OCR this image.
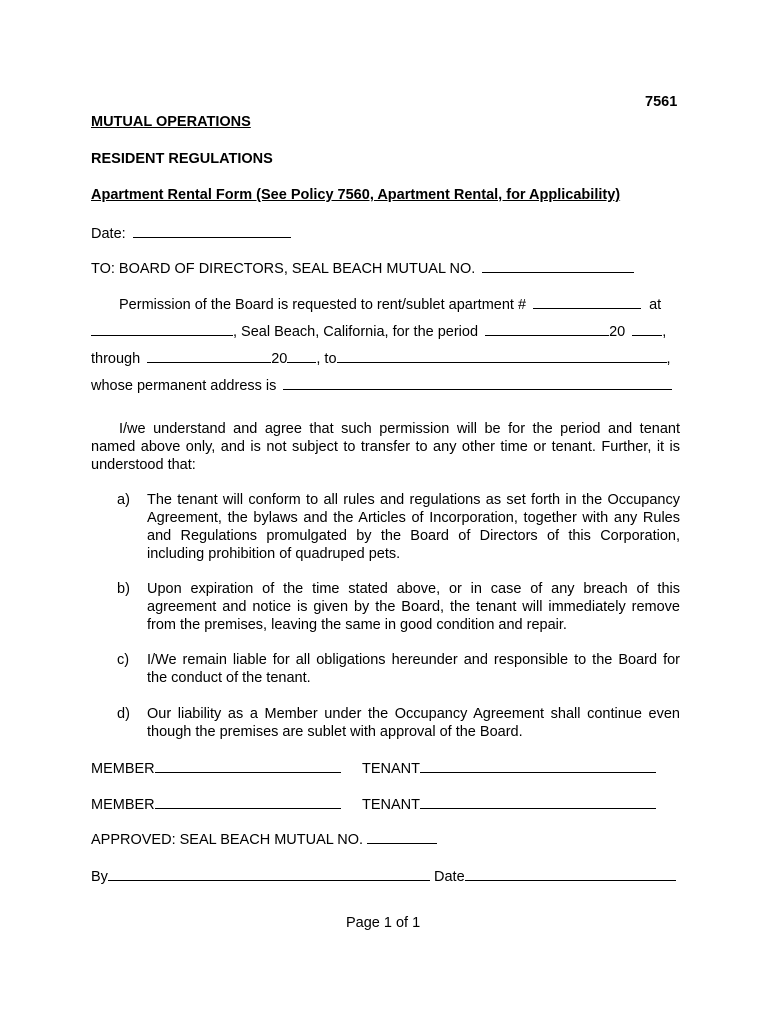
7561
MUTUAL OPERATIONS
RESIDENT REGULATIONS
Apartment Rental Form (See Policy 7560, Apartment Rental, for Applicability)
Date:
TO: BOARD OF DIRECTORS, SEAL BEACH MUTUAL NO.
Permission of the Board is requested to rent/sublet apartment #	at
, Seal Beach, California, for the period	20	,
through	20 , to	,
whose permanent address is
I/we understand and agree that such permission will be for the period and tenant named above only, and is not subject to transfer to any other time or tenant. Further, it is understood that:
a) The tenant will conform to all rules and regulations as set forth in the Occupancy Agreement, the bylaws and the Articles of Incorporation, together with any Rules and Regulations promulgated by the Board of Directors of this Corporation, including prohibition of quadruped pets.
b) Upon expiration of the time stated above, or in case of any breach of this agreement and notice is given by the Board, the tenant will immediately remove from the premises, leaving the same in good condition and repair.
c) I/We remain liable for all obligations hereunder and responsible to the Board for the conduct of the tenant.
d) Our liability as a Member under the Occupancy Agreement shall continue even though the premises are sublet with approval of the Board.
MEMBER	TENANT
MEMBER	TENANT
APPROVED: SEAL BEACH MUTUAL NO.
By	Date
Page 1 of 1
